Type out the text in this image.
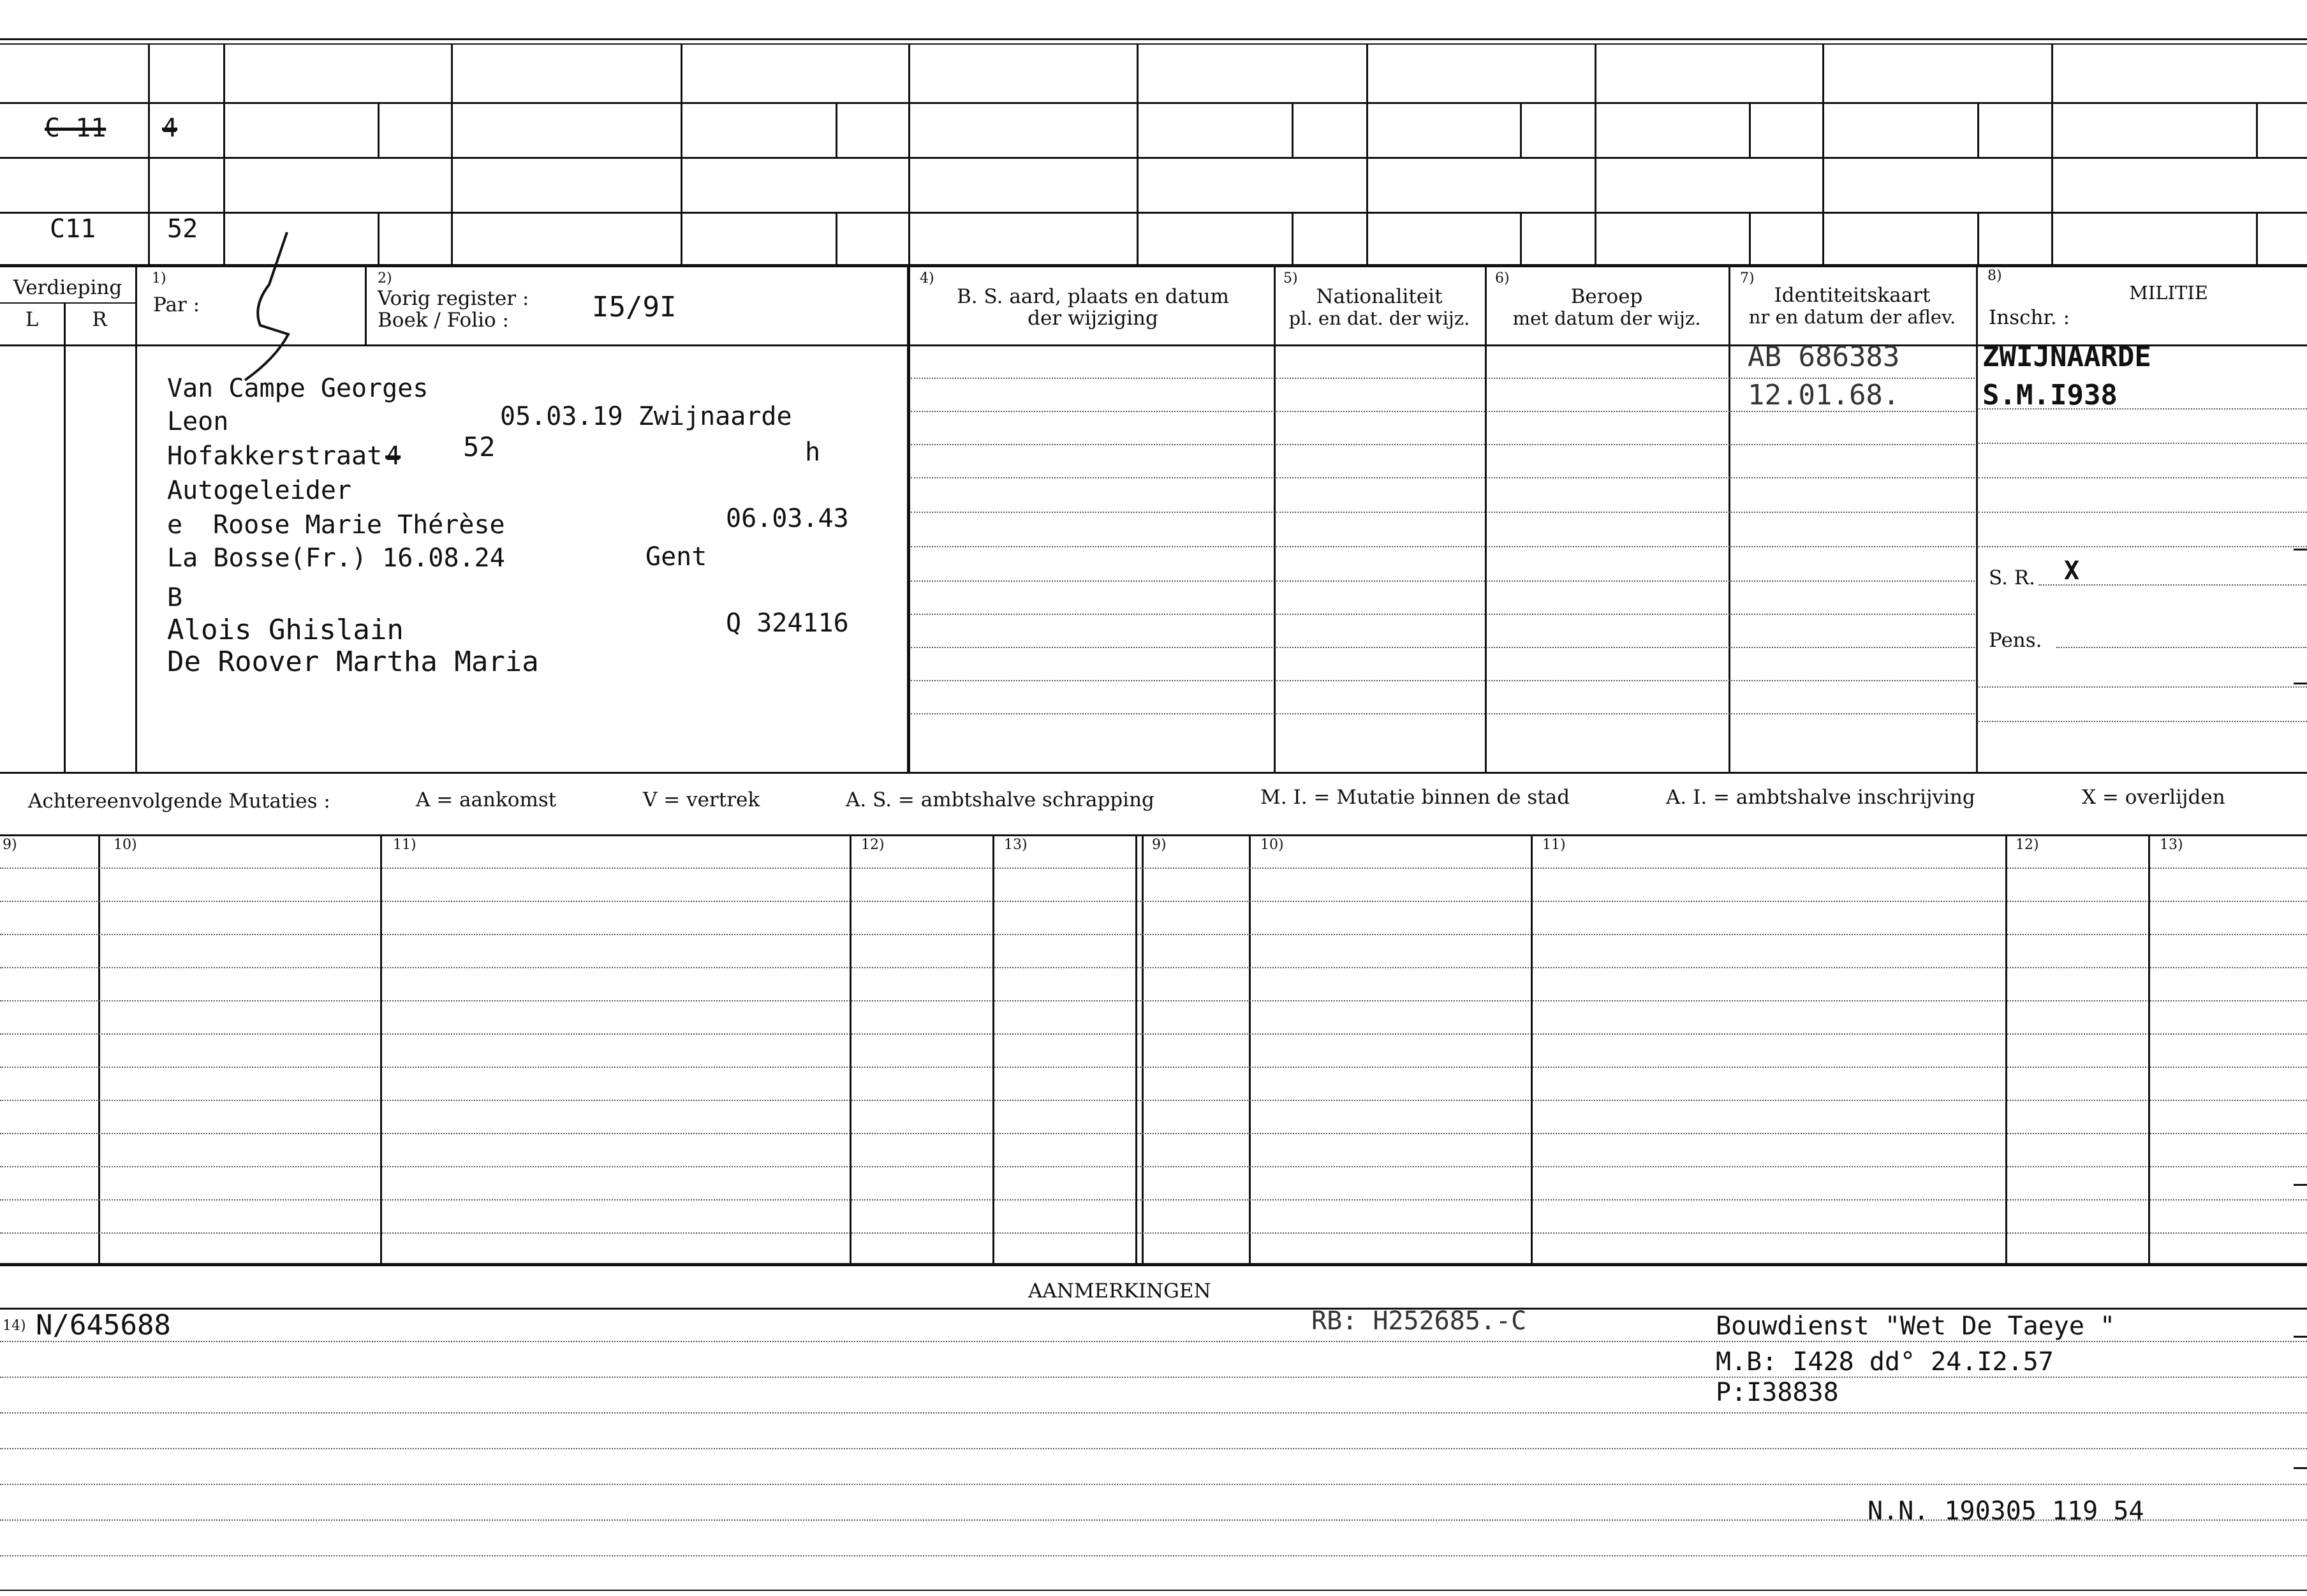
C 11 4
C11	52
Verdieping
L	R
1)
Par :
2)
Vorig register :
Boek / Folio :	I5/9I
4)
B. S. aard, plaats en datum
der wijziging
5)
Nationaliteit
pl. en dat. der wijz.
6)
Beroep
met datum der wijz.
7)
Identiteitskaart
nr en datum der aflev.
8)
MILITIE
Inschr. :
Van Campe Georges
Leon	05.03.19 Zwijnaarde
Hofakkerstraat 4 52	h
Autogeleider
e Roose Marie Thérèse	06.03.43
La Bosse(Fr.) 16.08.24	Gent
B
Alois Ghislain	Q 324116
De Roover Martha Maria
AB 686383
12.01.68.
ZWIJNAARDE
S.M.I938
S. R. X
Pens.
Achtereenvolgende Mutaties :	A = aankomst	V = vertrek	A. S. = ambtshalve schrapping	M. I. = Mutatie binnen de stad	A. I. = ambtshalve inschrijving	X = overlijden
9)	10)	11)	12)	13)	9)	10)	11)	12)	13)
AANMERKINGEN
14) N/645688	RB: H252685.-C	Bouwdienst "Wet De Taeye "
M.B: I428 dd° 24.I2.57
P:I38838
N.N. 190305 119 54
